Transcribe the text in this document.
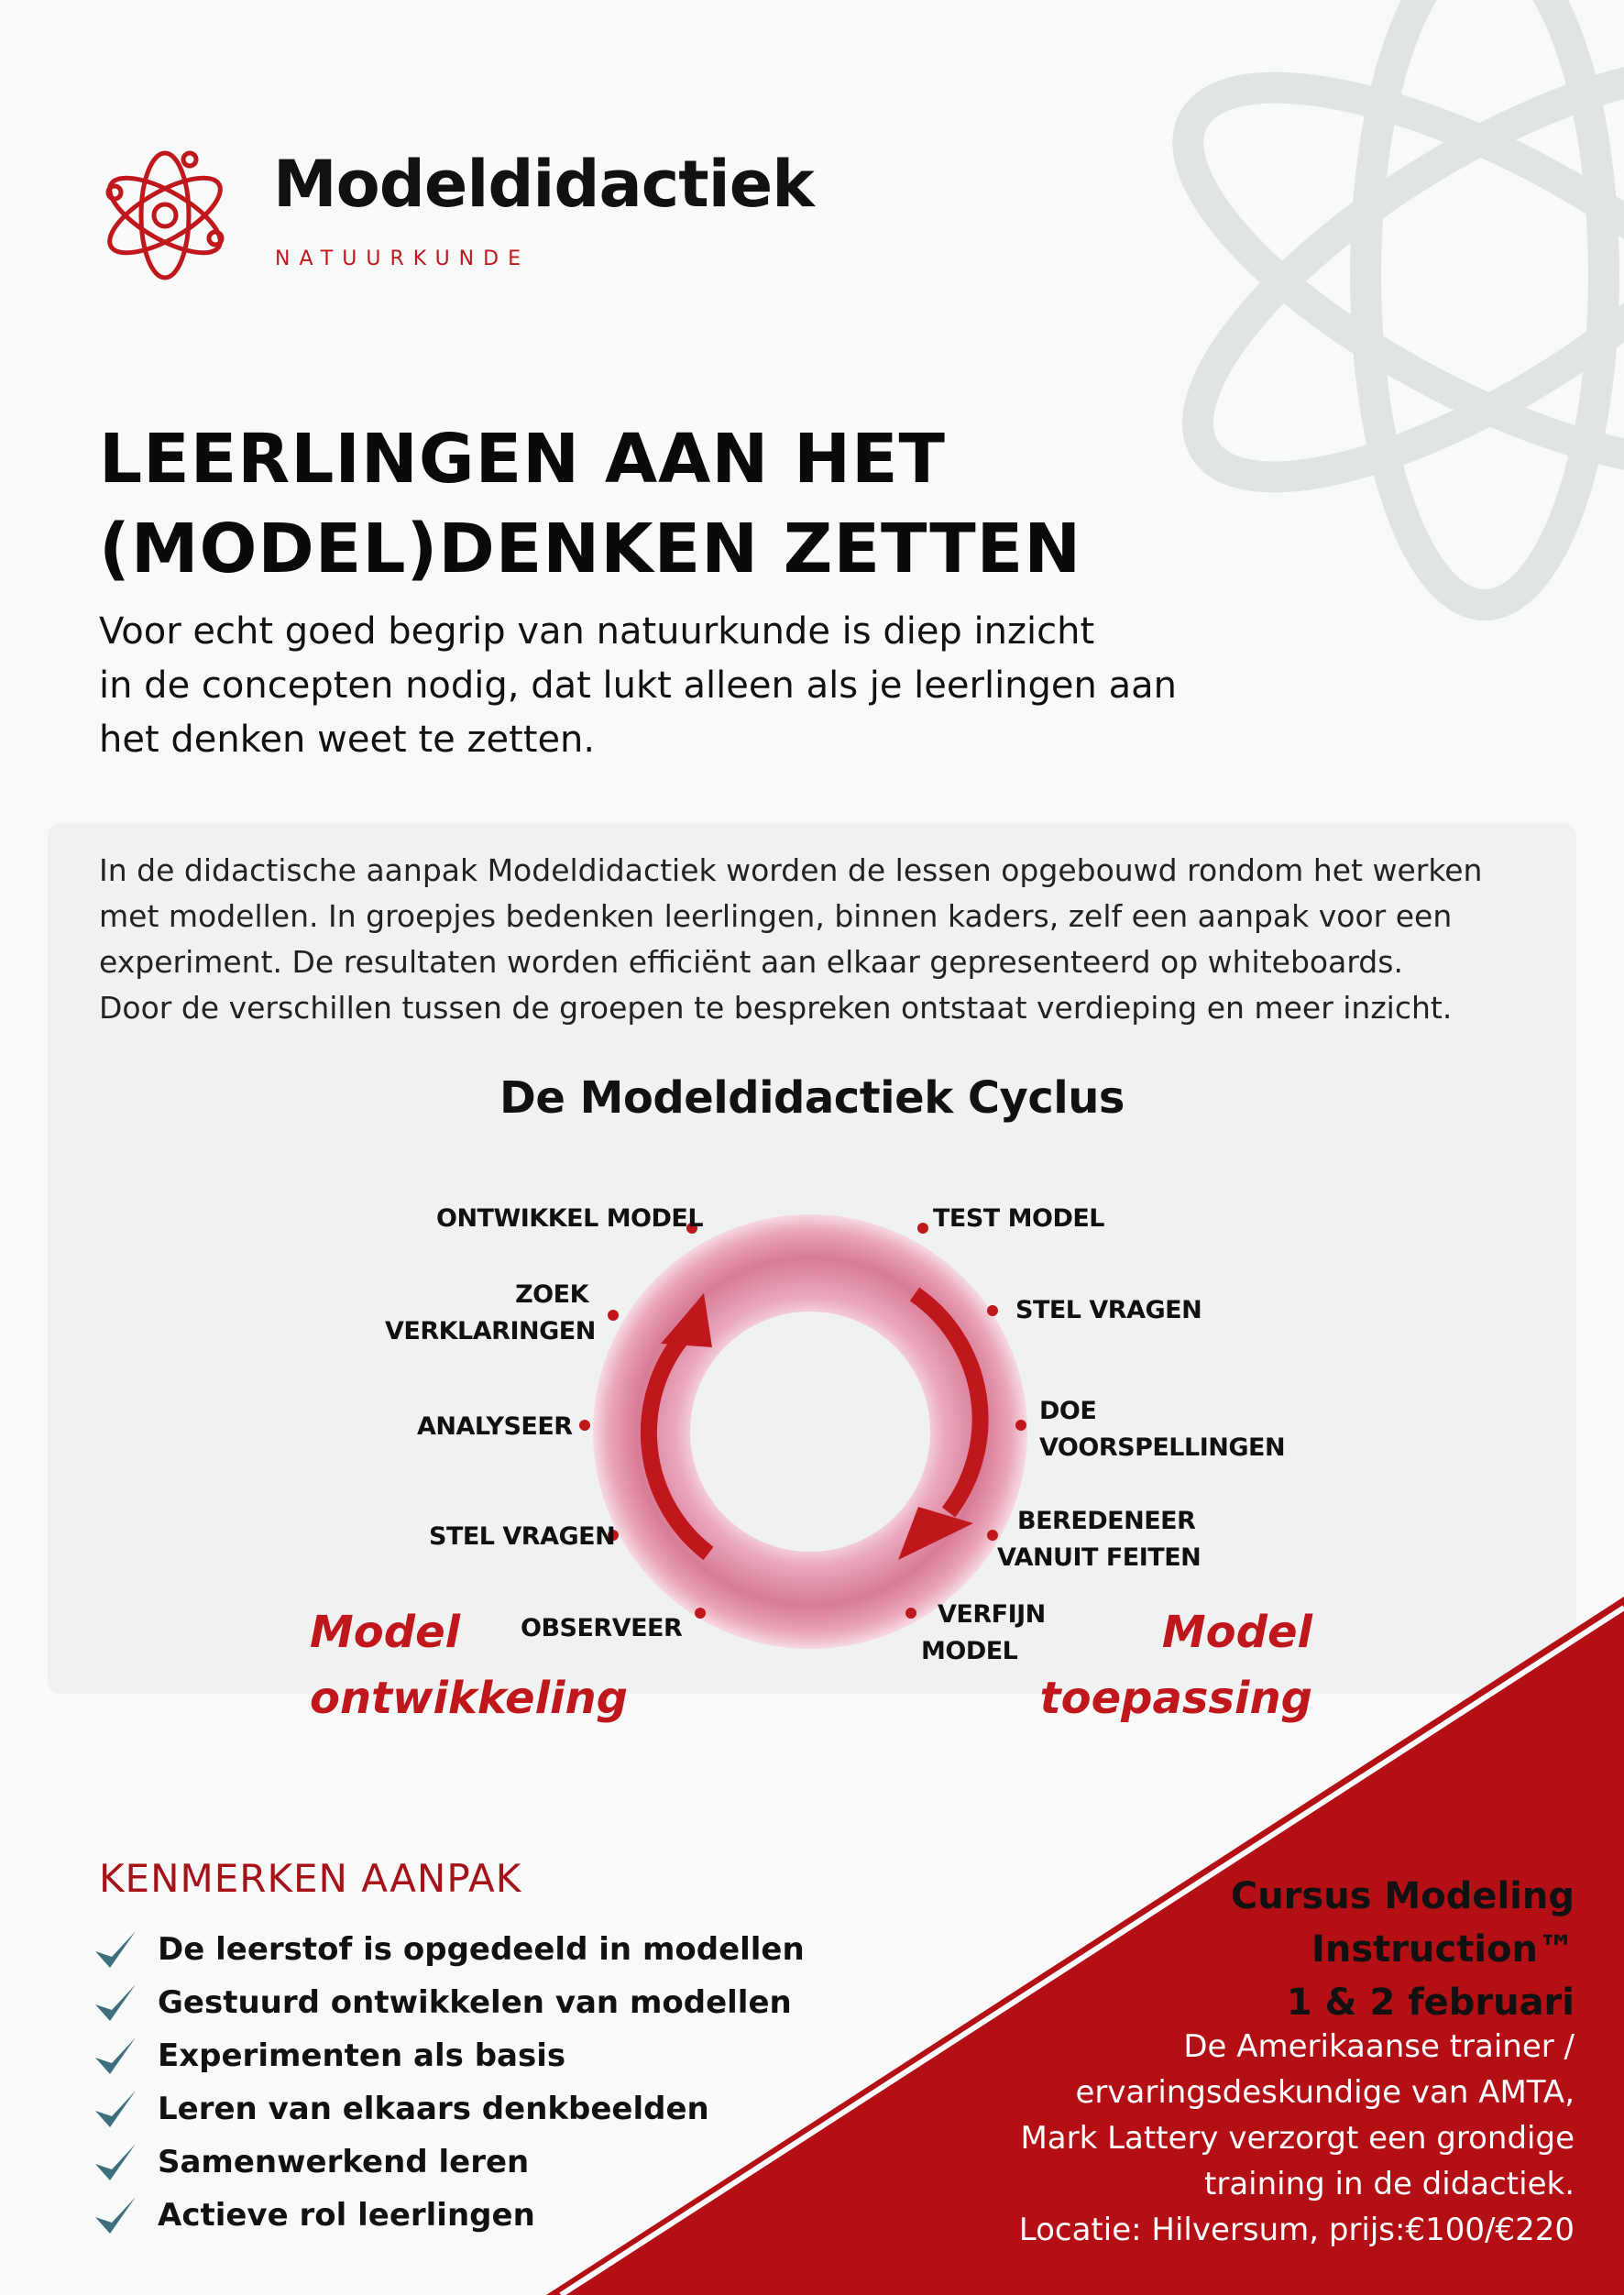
Modeldidactiek
NATUURKUNDE
LEERLINGEN AAN HET
(MODEL)DENKEN ZETTEN
Voor echt goed begrip van natuurkunde is diep inzicht
in de concepten nodig, dat lukt alleen als je leerlingen aan
het denken weet te zetten.
In de didactische aanpak Modeldidactiek worden de lessen opgebouwd rondom het werken
met modellen. In groepjes bedenken leerlingen, binnen kaders, zelf een aanpak voor een
experiment. De resultaten worden efficiënt aan elkaar gepresenteerd op whiteboards.
Door de verschillen tussen de groepen te bespreken ontstaat verdieping en meer inzicht.
De Modeldidactiek Cyclus
ONTWIKKEL MODEL
ZOEK
VERKLARINGEN
ANALYSEER
STEL VRAGEN
OBSERVEER
TEST MODEL
STEL VRAGEN
DOE
VOORSPELLINGEN
BEREDENEER
VANUIT FEITEN
VERFIJN
MODEL
Model
ontwikkeling
Model
toepassing
KENMERKEN AANPAK
De leerstof is opgedeeld in modellen
Gestuurd ontwikkelen van modellen
Experimenten als basis
Leren van elkaars denkbeelden
Samenwerkend leren
Actieve rol leerlingen
Cursus Modeling
Instruction™
1 & 2 februari
De Amerikaanse trainer /
ervaringsdeskundige van AMTA,
Mark Lattery verzorgt een grondige
training in de didactiek.
Locatie: Hilversum, prijs:€100/€220
